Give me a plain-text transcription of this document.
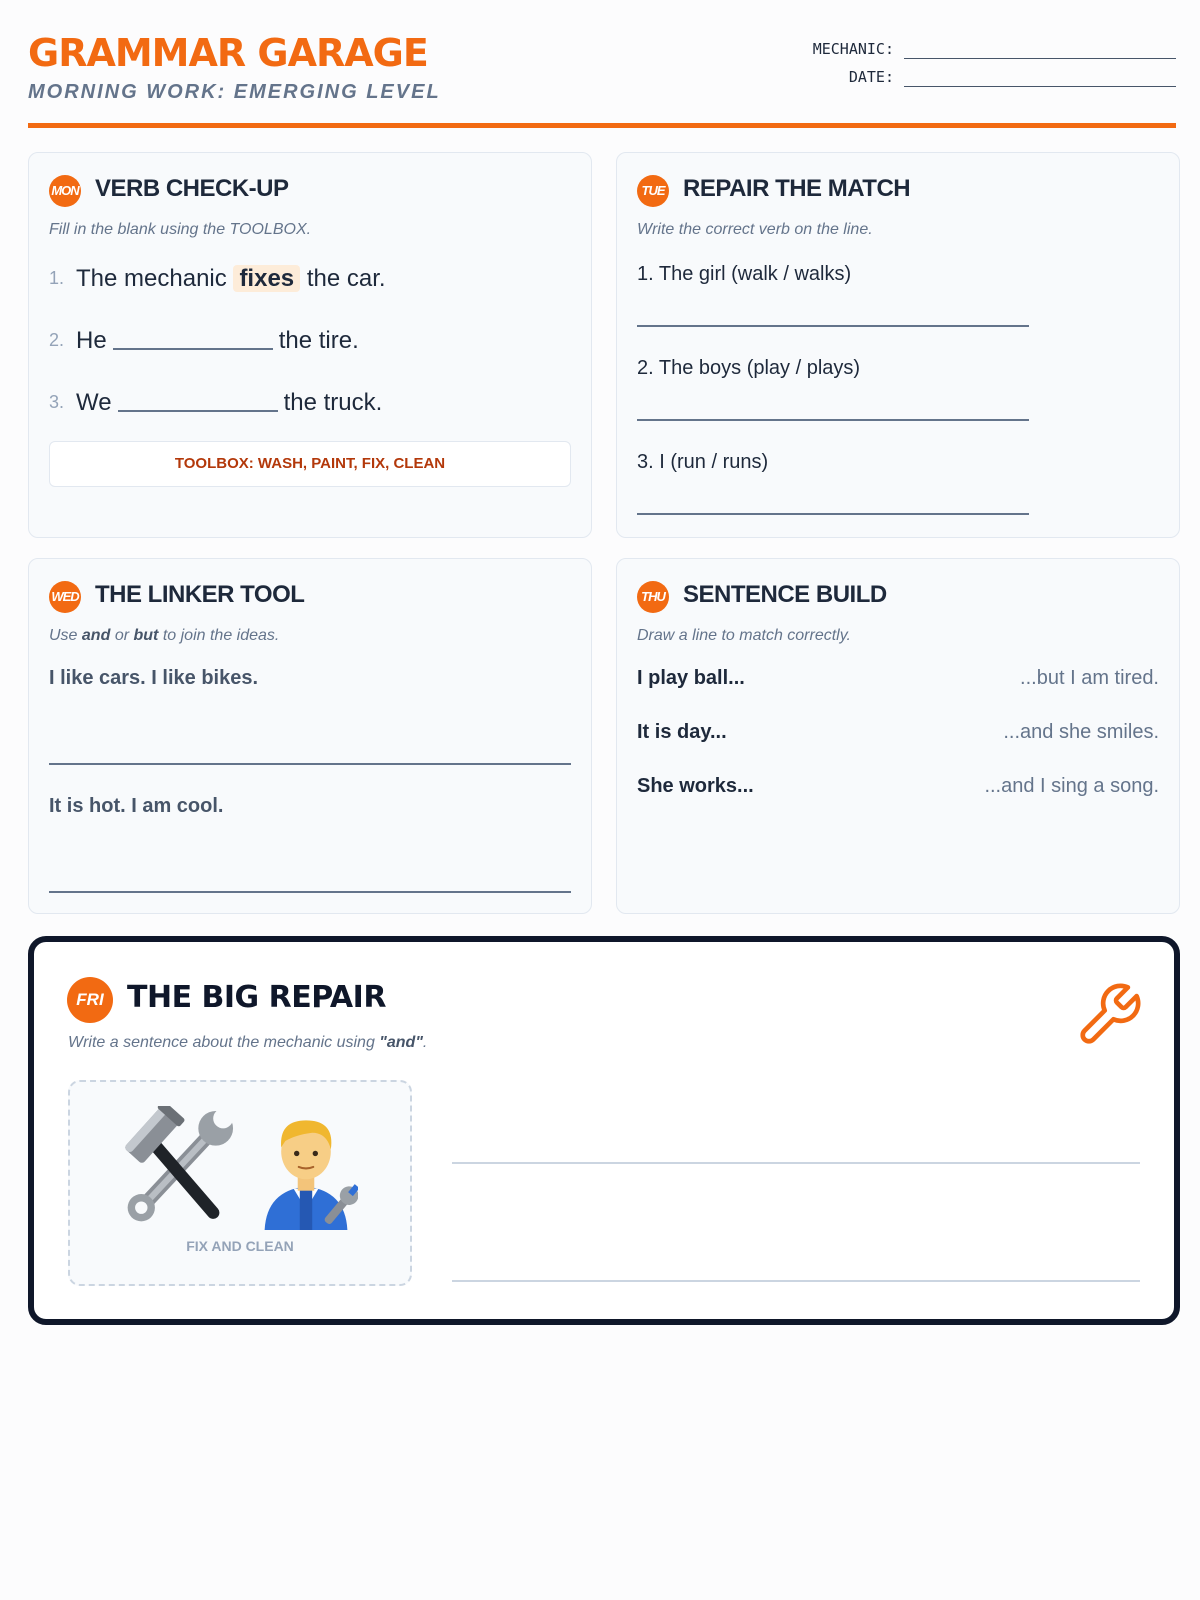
GRAMMAR GARAGE
MORNING WORK: EMERGING LEVEL
MECHANIC:
DATE:
MON VERB CHECK-UP
Fill in the blank using the TOOLBOX.
1. The mechanic fixes the car.
2. He	the tire.
3. We	the truck.
TOOLBOX: WASH, PAINT, FIX, CLEAN
TUE REPAIR THE MATCH
Write the correct verb on the line.
1. The girl (walk / walks)
2. The boys (play / plays)
3. I (run / runs)
WED THE LINKER TOOL
Use and or but to join the ideas.
I like cars. I like bikes.
It is hot. I am cool.
THU SENTENCE BUILD
Draw a line to match correctly.
I play ball...
It is day...
She works...
...but I am tired.
...and she smiles.
...and I sing a song.
FRI THE BIG REPAIR
Write a sentence about the mechanic using "and".
FIX AND CLEAN
